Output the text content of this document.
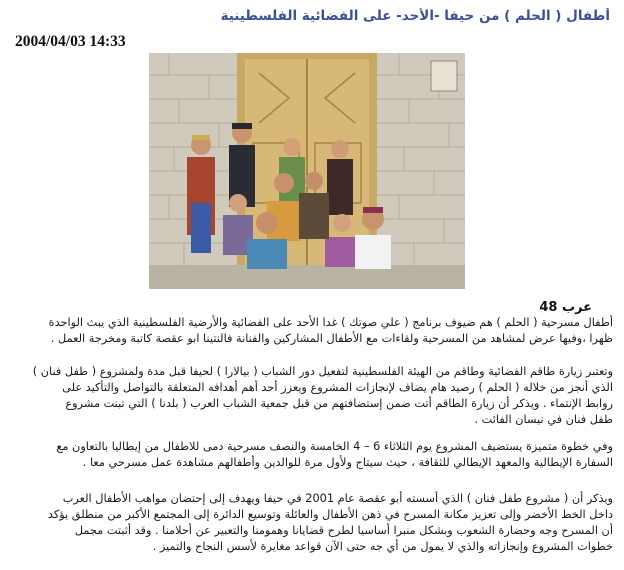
أطفال ( الحلم ) من حيفا -الأحد- على الفضائية الفلسطينية
2004/04/03 14:33
عرب 48
أطفال مسرحية ( الحلم ) هم ضيوف برنامج ( علي صوتك ) غدا الأحد على الفضائية والأرضية الفلسطينية الذي يبث الواحدة
ظهرا ،وفيها عرض لمشاهد من المسرحية ولقاءات مع الأطفال المشاركين والفنانة فالنتينا ابو عقصة كاتبة ومخرجة العمل .
وتعتبر زيارة طاقم الفضائية وطاقم من الهيئة الفلسطينية لتفعيل دور الشباب ( بيالارا ) لحيفا قبل مدة ولمشروع ( طفل فنان )
الذي أنجز من خلاله ( الحلم ) رصيد هام يضاف لإنجازات المشروع ويعزز أحد أهم أهدافه المتعلقة بالتواصل والتأكيد على
روابط الإنتماء . ويذكر أن زيارة الطاقم أتت ضمن إستضافتهم من قبل جمعية الشباب العرب ( بلدنا ) التي تبنت مشروع
طفل فنان في نيسان الفائت .
وفي خطوة متميزة يستضيف المشروع يوم الثلاثاء 6 – 4 الخامسة والنصف مسرحية دمى للاطفال من إيطاليا بالتعاون مع
السفارة الإيطالية والمعهد الإيطالي للثقافة ، حيث سيتاح ولأول مرة للوالدين وأطفالهم مشاهدة عمل مسرحي معا .
ويذكر أن ( مشروع طفل فنان ) الذي أسسته أبو عقصة عام 2001 في حيفا ويهدف إلى إحتضان مواهب الأطفال العرب
داخل الخط الأخضر وإلى تعزيز مكانة المسرح في ذهن الأطفال والعائلة وتوسيع الدائرة إلى المجتمع الأكبر من منطلق يؤكد
أن المسرح وجه وحضارة الشعوب وبشكل منبرا أساسيا لطرح قضايانا وهمومنا والتعبير عن أحلامنا . وقد أثبتت مجمل
خطوات المشروع وإنجازاته والذي لا يمول من أي جه حتى الآن قواعد مغايرة لأسس النجاح والتميز .
